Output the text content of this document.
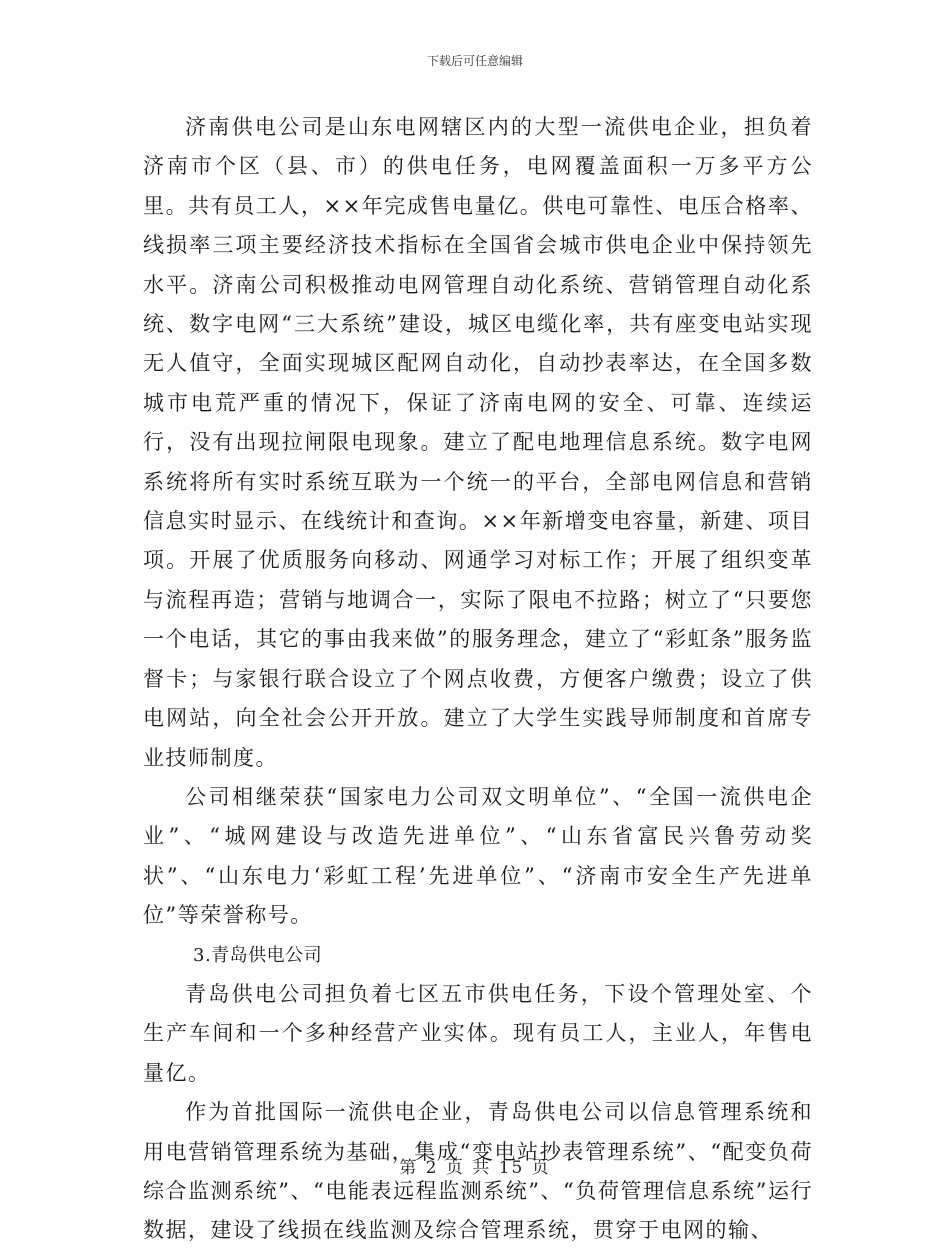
下载后可任意编辑

济南供电公司是山东电网辖区内的大型一流供电企业，担负着济南市个区（县、市）的供电任务，电网覆盖面积一万多平方公里。共有员工人，××年完成售电量亿。供电可靠性、电压合格率、线损率三项主要经济技术指标在全国省会城市供电企业中保持领先水平。济南公司积极推动电网管理自动化系统、营销管理自动化系统、数字电网“三大系统”建设，城区电缆化率，共有座变电站实现无人值守，全面实现城区配网自动化，自动抄表率达，在全国多数城市电荒严重的情况下，保证了济南电网的安全、可靠、连续运行，没有出现拉闸限电现象。建立了配电地理信息系统。数字电网系统将所有实时系统互联为一个统一的平台，全部电网信息和营销信息实时显示、在线统计和查询。××年新增变电容量，新建、项目项。开展了优质服务向移动、网通学习对标工作；开展了组织变革与流程再造；营销与地调合一，实际了限电不拉路；树立了“只要您一个电话，其它的事由我来做”的服务理念，建立了“彩虹条”服务监督卡；与家银行联合设立了个网点收费，方便客户缴费；设立了供电网站，向全社会公开开放。建立了大学生实践导师制度和首席专业技师制度。

公司相继荣获“国家电力公司双文明单位”、“全国一流供电企业”、“城网建设与改造先进单位”、“山东省富民兴鲁劳动奖状”、“山东电力‘彩虹工程’先进单位”、“济南市安全生产先进单位”等荣誉称号。

3.青岛供电公司

青岛供电公司担负着七区五市供电任务，下设个管理处室、个生产车间和一个多种经营产业实体。现有员工人，主业人，年售电量亿。

作为首批国际一流供电企业，青岛供电公司以信息管理系统和用电营销管理系统为基础，集成“变电站抄表管理系统”、“配变负荷综合监测系统”、“电能表远程监测系统”、“负荷管理信息系统”运行数据，建设了线损在线监测及综合管理系统，贯穿于电网的输、

第 2 页 共 15 页
